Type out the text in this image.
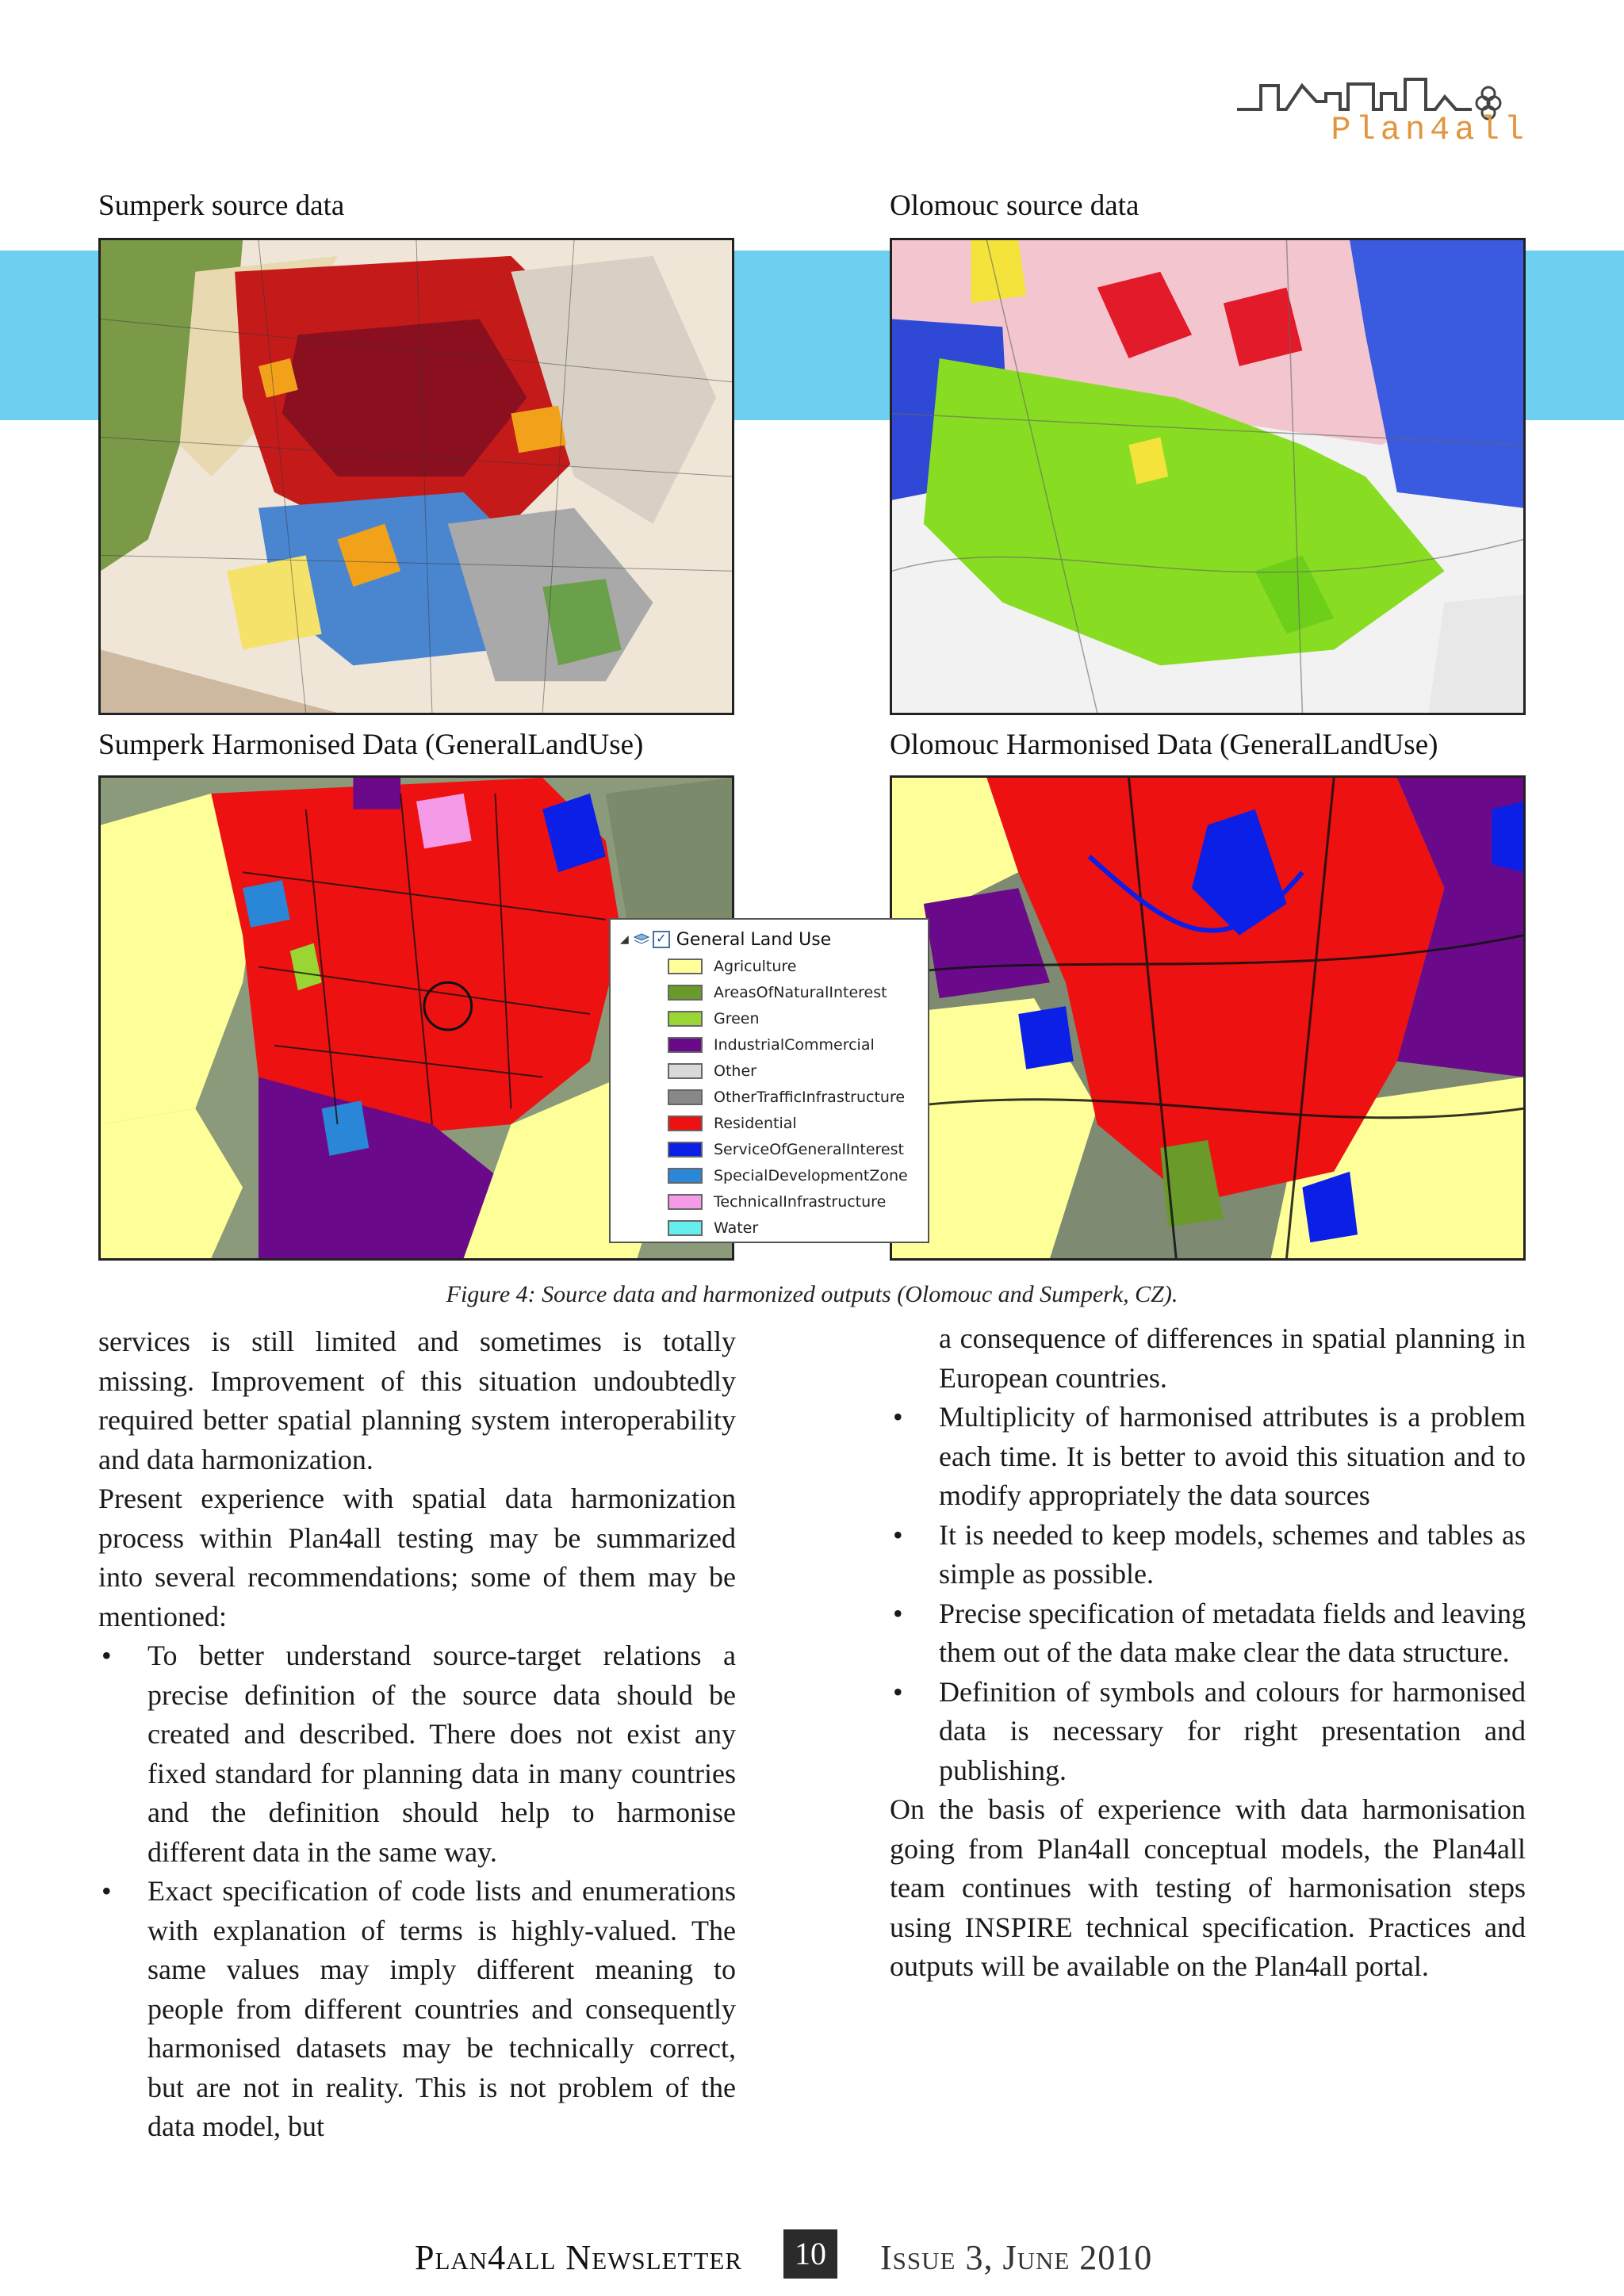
Plan4all
Sumperk source data	Olomouc source data
Sumperk Harmonised Data (GeneralLandUse)	Olomouc Harmonised Data (GeneralLandUse)
◢ ✓ General Land Use
Agriculture
AreasOfNaturalInterest
Green
IndustrialCommercial
Other
OtherTrafficInfrastructure
Residential
ServiceOfGeneralInterest
SpecialDevelopmentZone
TechnicalInfrastructure
Water
Figure 4: Source data and harmonized outputs (Olomouc and Sumperk, CZ).

services is still limited and sometimes is totally missing. Improvement of this situation undoubtedly required better spatial planning system interoperability and data harmonization.

Present experience with spatial data harmonization process within Plan4all testing may be summarized into several recommendations; some of them may be mentioned:

• To better understand source-target relations a precise definition of the source data should be created and described. There does not exist any fixed standard for planning data in many countries and the definition should help to harmonise different data in the same way.
• Exact specification of code lists and enumerations with explanation of terms is highly-valued. The same values may imply different meaning to people from different countries and consequently harmonised datasets may be technically correct, but are not in reality. This is not problem of the data model, but
a consequence of differences in spatial planning in European countries.
• Multiplicity of harmonised attributes is a problem each time. It is better to avoid this situation and to modify appropriately the data sources
• It is needed to keep models, schemes and tables as simple as possible.
• Precise specification of metadata fields and leaving them out of the data make clear the data structure.
• Definition of symbols and colours for harmonised data is necessary for right presentation and publishing.

On the basis of experience with data harmonisation going from Plan4all conceptual models, the Plan4all team continues with testing of harmonisation steps using INSPIRE technical specification. Practices and outputs will be available on the Plan4all portal.

Plan4all Newsletter	10	Issue 3, June 2010
